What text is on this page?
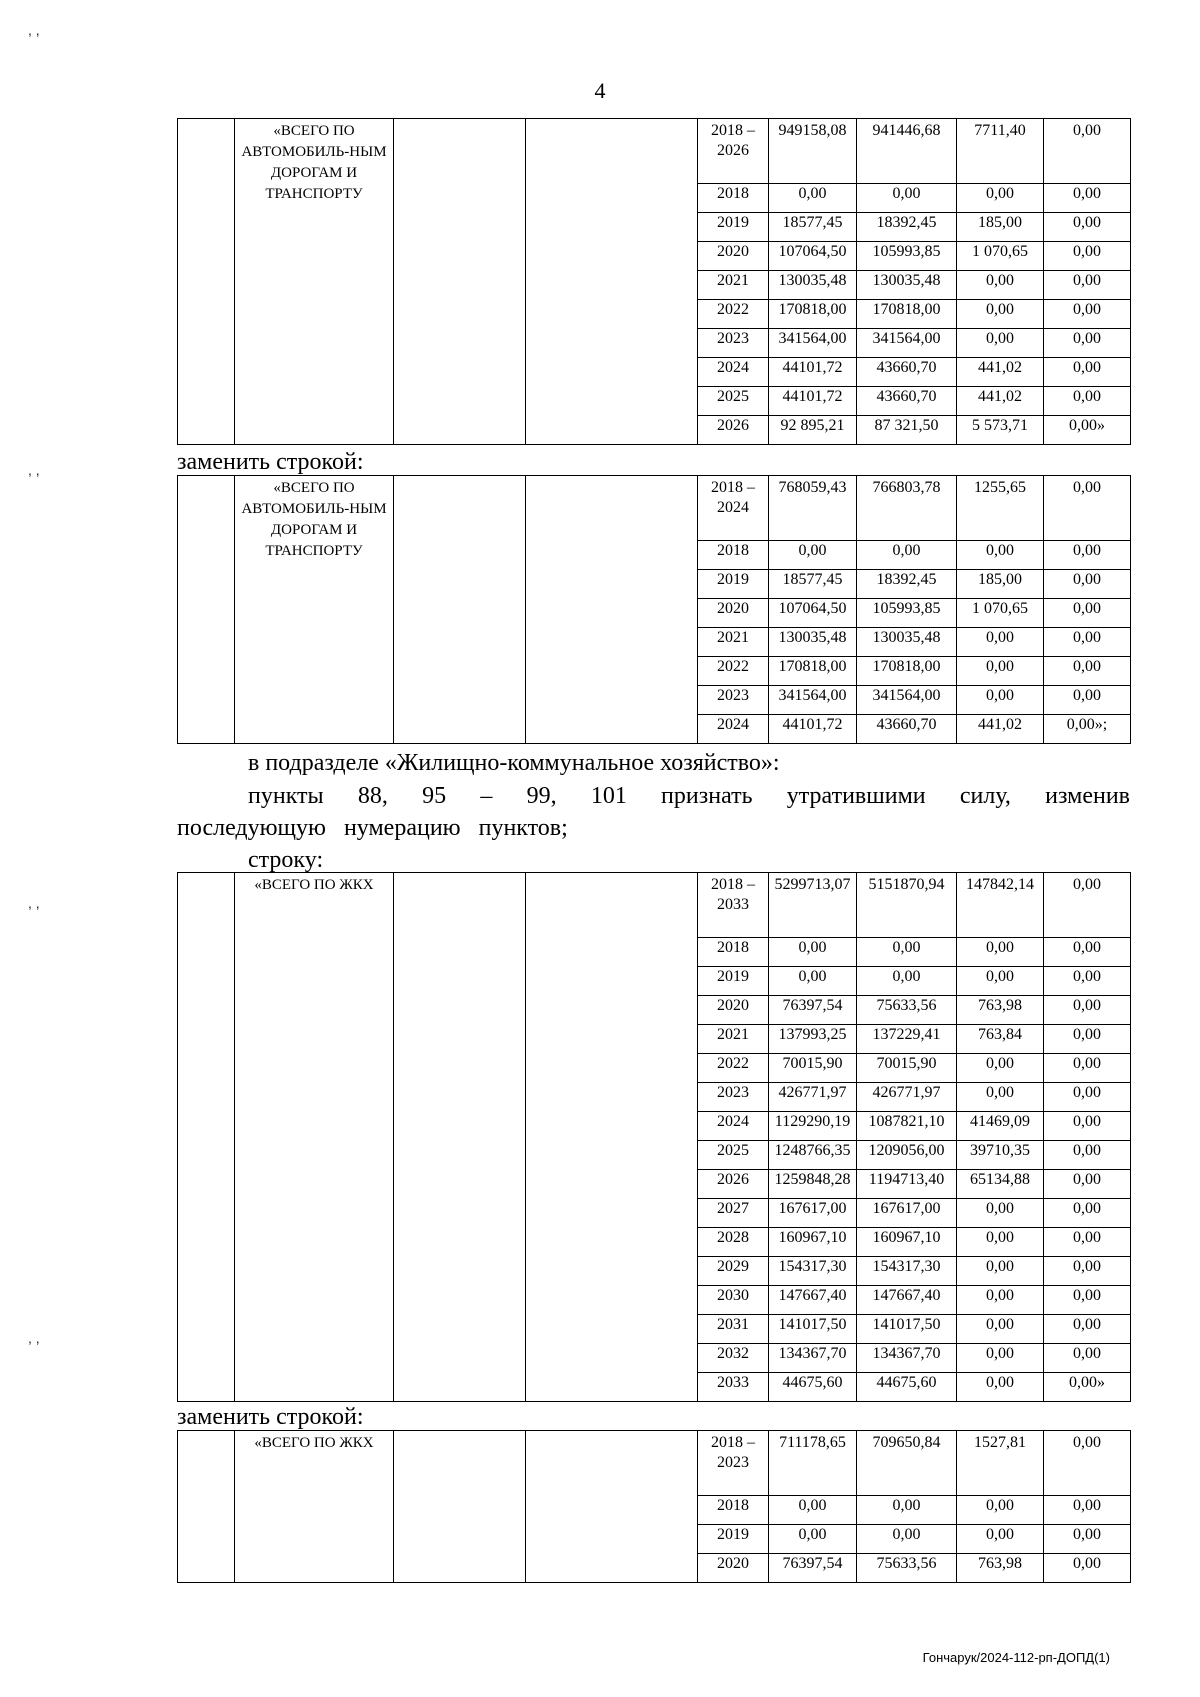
4

	«ВСЕГО ПО АВТОМОБИЛЬ-НЫМ ДОРОГАМ И ТРАНСПОРТУ			2018 – 2026	949158,08	941446,68	7711,40	0,00
				2018	0,00	0,00	0,00	0,00
				2019	18577,45	18392,45	185,00	0,00
				2020	107064,50	105993,85	1 070,65	0,00
				2021	130035,48	130035,48	0,00	0,00
				2022	170818,00	170818,00	0,00	0,00
				2023	341564,00	341564,00	0,00	0,00
				2024	44101,72	43660,70	441,02	0,00
				2025	44101,72	43660,70	441,02	0,00
				2026	92 895,21	87 321,50	5 573,71	0,00»
заменить строкой:

	«ВСЕГО ПО АВТОМОБИЛЬ-НЫМ ДОРОГАМ И ТРАНСПОРТУ			2018 – 2024	768059,43	766803,78	1255,65	0,00
				2018	0,00	0,00	0,00	0,00
				2019	18577,45	18392,45	185,00	0,00
				2020	107064,50	105993,85	1 070,65	0,00
				2021	130035,48	130035,48	0,00	0,00
				2022	170818,00	170818,00	0,00	0,00
				2023	341564,00	341564,00	0,00	0,00
				2024	44101,72	43660,70	441,02	0,00»;
в подразделе «Жилищно-коммунальное хозяйство»:
пункты 88, 95 – 99, 101 признать утратившими силу, изменив последующую нумерацию пунктов;
строку:

	«ВСЕГО ПО ЖКХ			2018 – 2033	5299713,07	5151870,94	147842,14	0,00
				2018	0,00	0,00	0,00	0,00
				2019	0,00	0,00	0,00	0,00
				2020	76397,54	75633,56	763,98	0,00
				2021	137993,25	137229,41	763,84	0,00
				2022	70015,90	70015,90	0,00	0,00
				2023	426771,97	426771,97	0,00	0,00
				2024	1129290,19	1087821,10	41469,09	0,00
				2025	1248766,35	1209056,00	39710,35	0,00
				2026	1259848,28	1194713,40	65134,88	0,00
				2027	167617,00	167617,00	0,00	0,00
				2028	160967,10	160967,10	0,00	0,00
				2029	154317,30	154317,30	0,00	0,00
				2030	147667,40	147667,40	0,00	0,00
				2031	141017,50	141017,50	0,00	0,00
				2032	134367,70	134367,70	0,00	0,00
				2033	44675,60	44675,60	0,00	0,00»
заменить строкой:

	«ВСЕГО ПО ЖКХ			2018 – 2023	711178,65	709650,84	1527,81	0,00
				2018	0,00	0,00	0,00	0,00
				2019	0,00	0,00	0,00	0,00
				2020	76397,54	75633,56	763,98	0,00
Гончарук/2024-112-рп-ДОПД(1)
, ,
, ,
, ,
, ,
